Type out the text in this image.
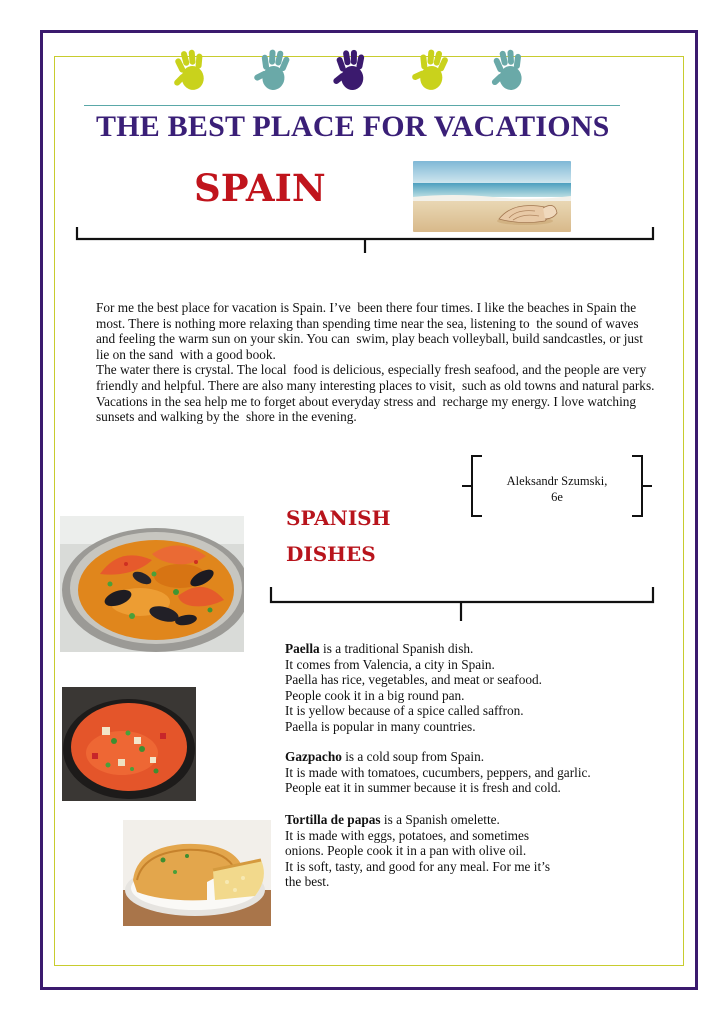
THE BEST PLACE FOR VACATIONS
SPAIN

For me the best place for vacation is Spain. I’ve  been there four times. I like the beaches in Spain the most. There is nothing more relaxing than spending time near the sea, listening to  the sound of waves and feeling the warm sun on your skin. You can  swim, play beach volleyball, build sandcastles, or just lie on the sand  with a good book.

The water there is crystal. The local  food is delicious, especially fresh seafood, and the people are very  friendly and helpful. There are also many interesting places to visit,  such as old towns and natural parks.

Vacations in the sea help me to forget about everyday stress and  recharge my energy. I love watching sunsets and walking by the  shore in the evening.

Aleksandr Szumski,
6e
SPANISH
DISHES
Paella is a traditional Spanish dish.
It comes from Valencia, a city in Spain.
Paella has rice, vegetables, and meat or seafood.
People cook it in a big round pan.
It is yellow because of a spice called saffron.
Paella is popular in many countries.
Gazpacho is a cold soup from Spain.
It is made with tomatoes, cucumbers, peppers, and garlic.
People eat it in summer because it is fresh and cold.
Tortilla de papas is a Spanish omelette.
It is made with eggs, potatoes, and sometimes
onions. People cook it in a pan with olive oil.
It is soft, tasty, and good for any meal. For me it’s
the best.
